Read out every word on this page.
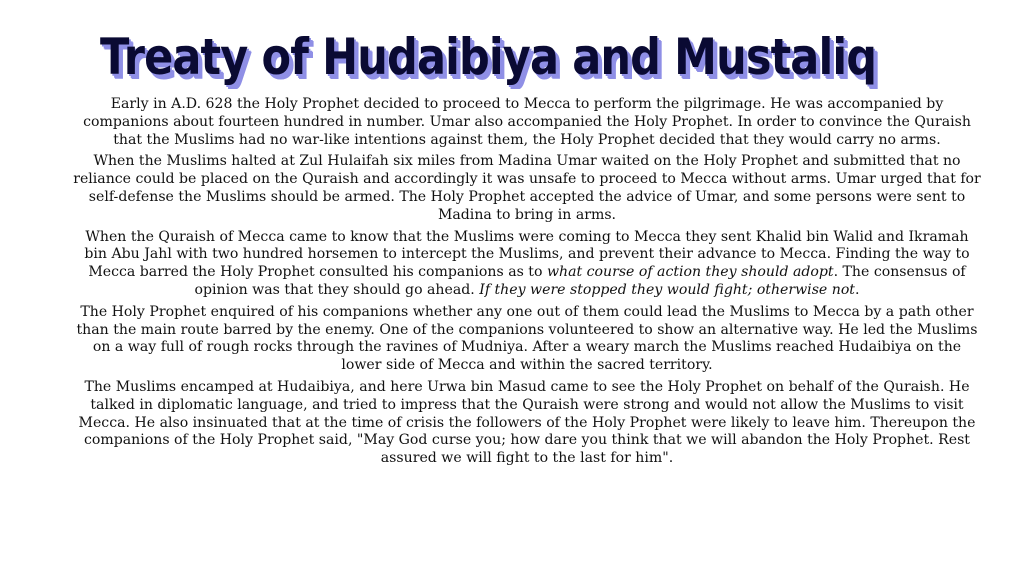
Treaty of Hudaibiya and Mustaliq

Early in A.D. 628 the Holy Prophet decided to proceed to Mecca to perform the pilgrimage. He was accompanied by companions about fourteen hundred in number. Umar also accompanied the Holy Prophet. In order to convince the Quraish that the Muslims had no war-like intentions against them, the Holy Prophet decided that they would carry no arms.

When the Muslims halted at Zul Hulaifah six miles from Madina Umar waited on the Holy Prophet and submitted that no reliance could be placed on the Quraish and accordingly it was unsafe to proceed to Mecca without arms. Umar urged that for self-defense the Muslims should be armed. The Holy Prophet accepted the advice of Umar, and some persons were sent to Madina to bring in arms.

When the Quraish of Mecca came to know that the Muslims were coming to Mecca they sent Khalid bin Walid and Ikramah bin Abu Jahl with two hundred horsemen to intercept the Muslims, and prevent their advance to Mecca. Finding the way to Mecca barred the Holy Prophet consulted his companions as to what course of action they should adopt. The consensus of opinion was that they should go ahead. If they were stopped they would fight; otherwise not.

The Holy Prophet enquired of his companions whether any one out of them could lead the Muslims to Mecca by a path other than the main route barred by the enemy. One of the companions volunteered to show an alternative way. He led the Muslims on a way full of rough rocks through the ravines of Mudniya. After a weary march the Muslims reached Hudaibiya on the lower side of Mecca and within the sacred territory.

The Muslims encamped at Hudaibiya, and here Urwa bin Masud came to see the Holy Prophet on behalf of the Quraish. He talked in diplomatic language, and tried to impress that the Quraish were strong and would not allow the Muslims to visit Mecca. He also insinuated that at the time of crisis the followers of the Holy Prophet were likely to leave him. Thereupon the companions of the Holy Prophet said, "May God curse you; how dare you think that we will abandon the Holy Prophet. Rest assured we will fight to the last for him".
